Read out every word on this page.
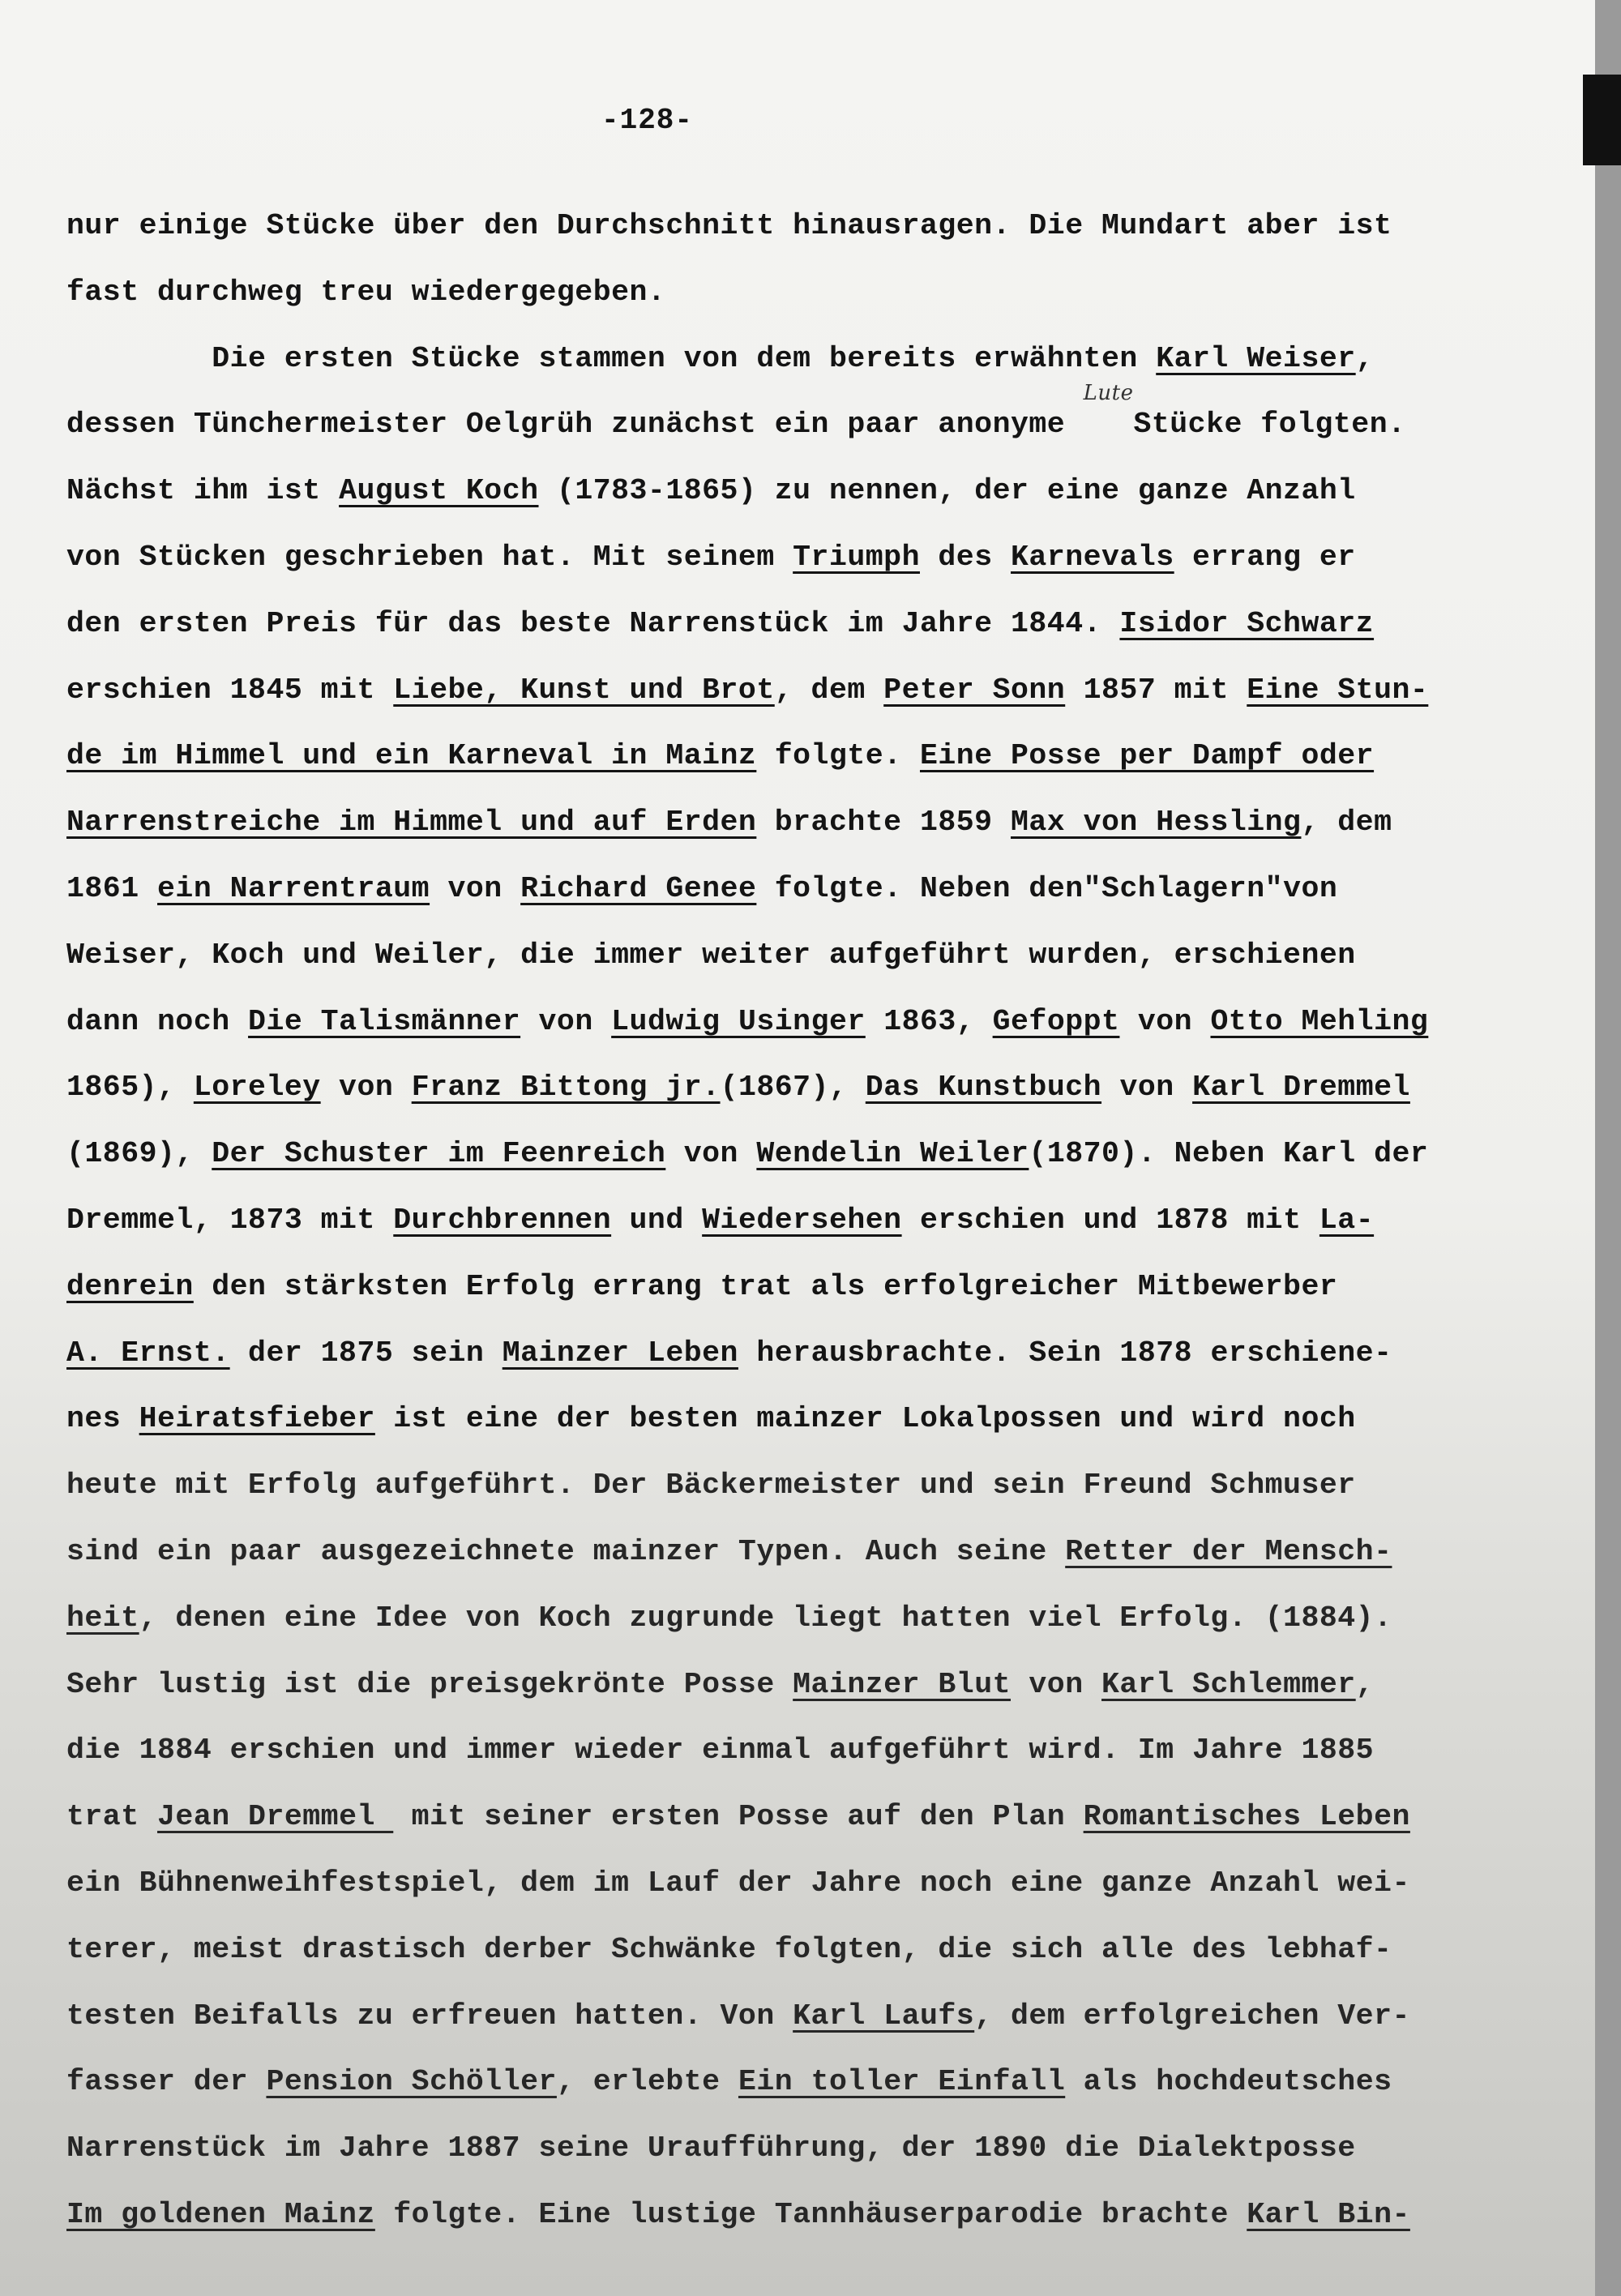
-128-
nur einige Stücke über den Durchschnitt hinausragen. Die Mundart aber ist
fast durchweg treu wiedergegeben.
Die ersten Stücke stammen von dem bereits erwähnten Karl Weiser,
dessen Tünchermeister Oelgrüh zunächst ein paar anonyme $^{Lute}$Stücke folgten.
Nächst ihm ist August Koch (1783-1865) zu nennen, der eine ganze Anzahl
von Stücken geschrieben hat. Mit seinem Triumph des Karnevals errang er
den ersten Preis für das beste Narrenstück im Jahre 1844. Isidor Schwarz
erschien 1845 mit Liebe, Kunst und Brot, dem Peter Sonn 1857 mit Eine Stun-
de im Himmel und ein Karneval in Mainz folgte. Eine Posse per Dampf oder
Narrenstreiche im Himmel und auf Erden brachte 1859 Max von Hessling, dem
1861 ein Narrentraum von Richard Genee folgte. Neben den"Schlagern"von
Weiser, Koch und Weiler, die immer weiter aufgeführt wurden, erschienen
dann noch Die Talismänner von Ludwig Usinger 1863, Gefoppt von Otto Mehling
1865), Loreley von Franz Bittong jr.(1867), Das Kunstbuch von Karl Dremmel
(1869), Der Schuster im Feenreich von Wendelin Weiler(1870). Neben Karl der
Dremmel, 1873 mit Durchbrennen und Wiedersehen erschien und 1878 mit La-
denrein den stärksten Erfolg errang trat als erfolgreicher Mitbewerber
A. Ernst. der 1875 sein Mainzer Leben herausbrachte. Sein 1878 erschiene-
nes Heiratsfieber ist eine der besten mainzer Lokalpossen und wird noch
heute mit Erfolg aufgeführt. Der Bäckermeister und sein Freund Schmuser
sind ein paar ausgezeichnete mainzer Typen. Auch seine Retter der Mensch-
heit, denen eine Idee von Koch zugrunde liegt hatten viel Erfolg. (1884).
Sehr lustig ist die preisgekrönte Posse Mainzer Blut von Karl Schlemmer,
die 1884 erschien und immer wieder einmal aufgeführt wird. Im Jahre 1885
trat Jean Dremmel  mit seiner ersten Posse auf den Plan Romantisches Leben
ein Bühnenweihfestspiel, dem im Lauf der Jahre noch eine ganze Anzahl wei-
terer, meist drastisch derber Schwänke folgten, die sich alle des lebhaf-
testen Beifalls zu erfreuen hatten. Von Karl Laufs, dem erfolgreichen Ver-
fasser der Pension Schöller, erlebte Ein toller Einfall als hochdeutsches
Narrenstück im Jahre 1887 seine Uraufführung, der 1890 die Dialektposse
Im goldenen Mainz folgte. Eine lustige Tannhäuserparodie brachte Karl Bin-
